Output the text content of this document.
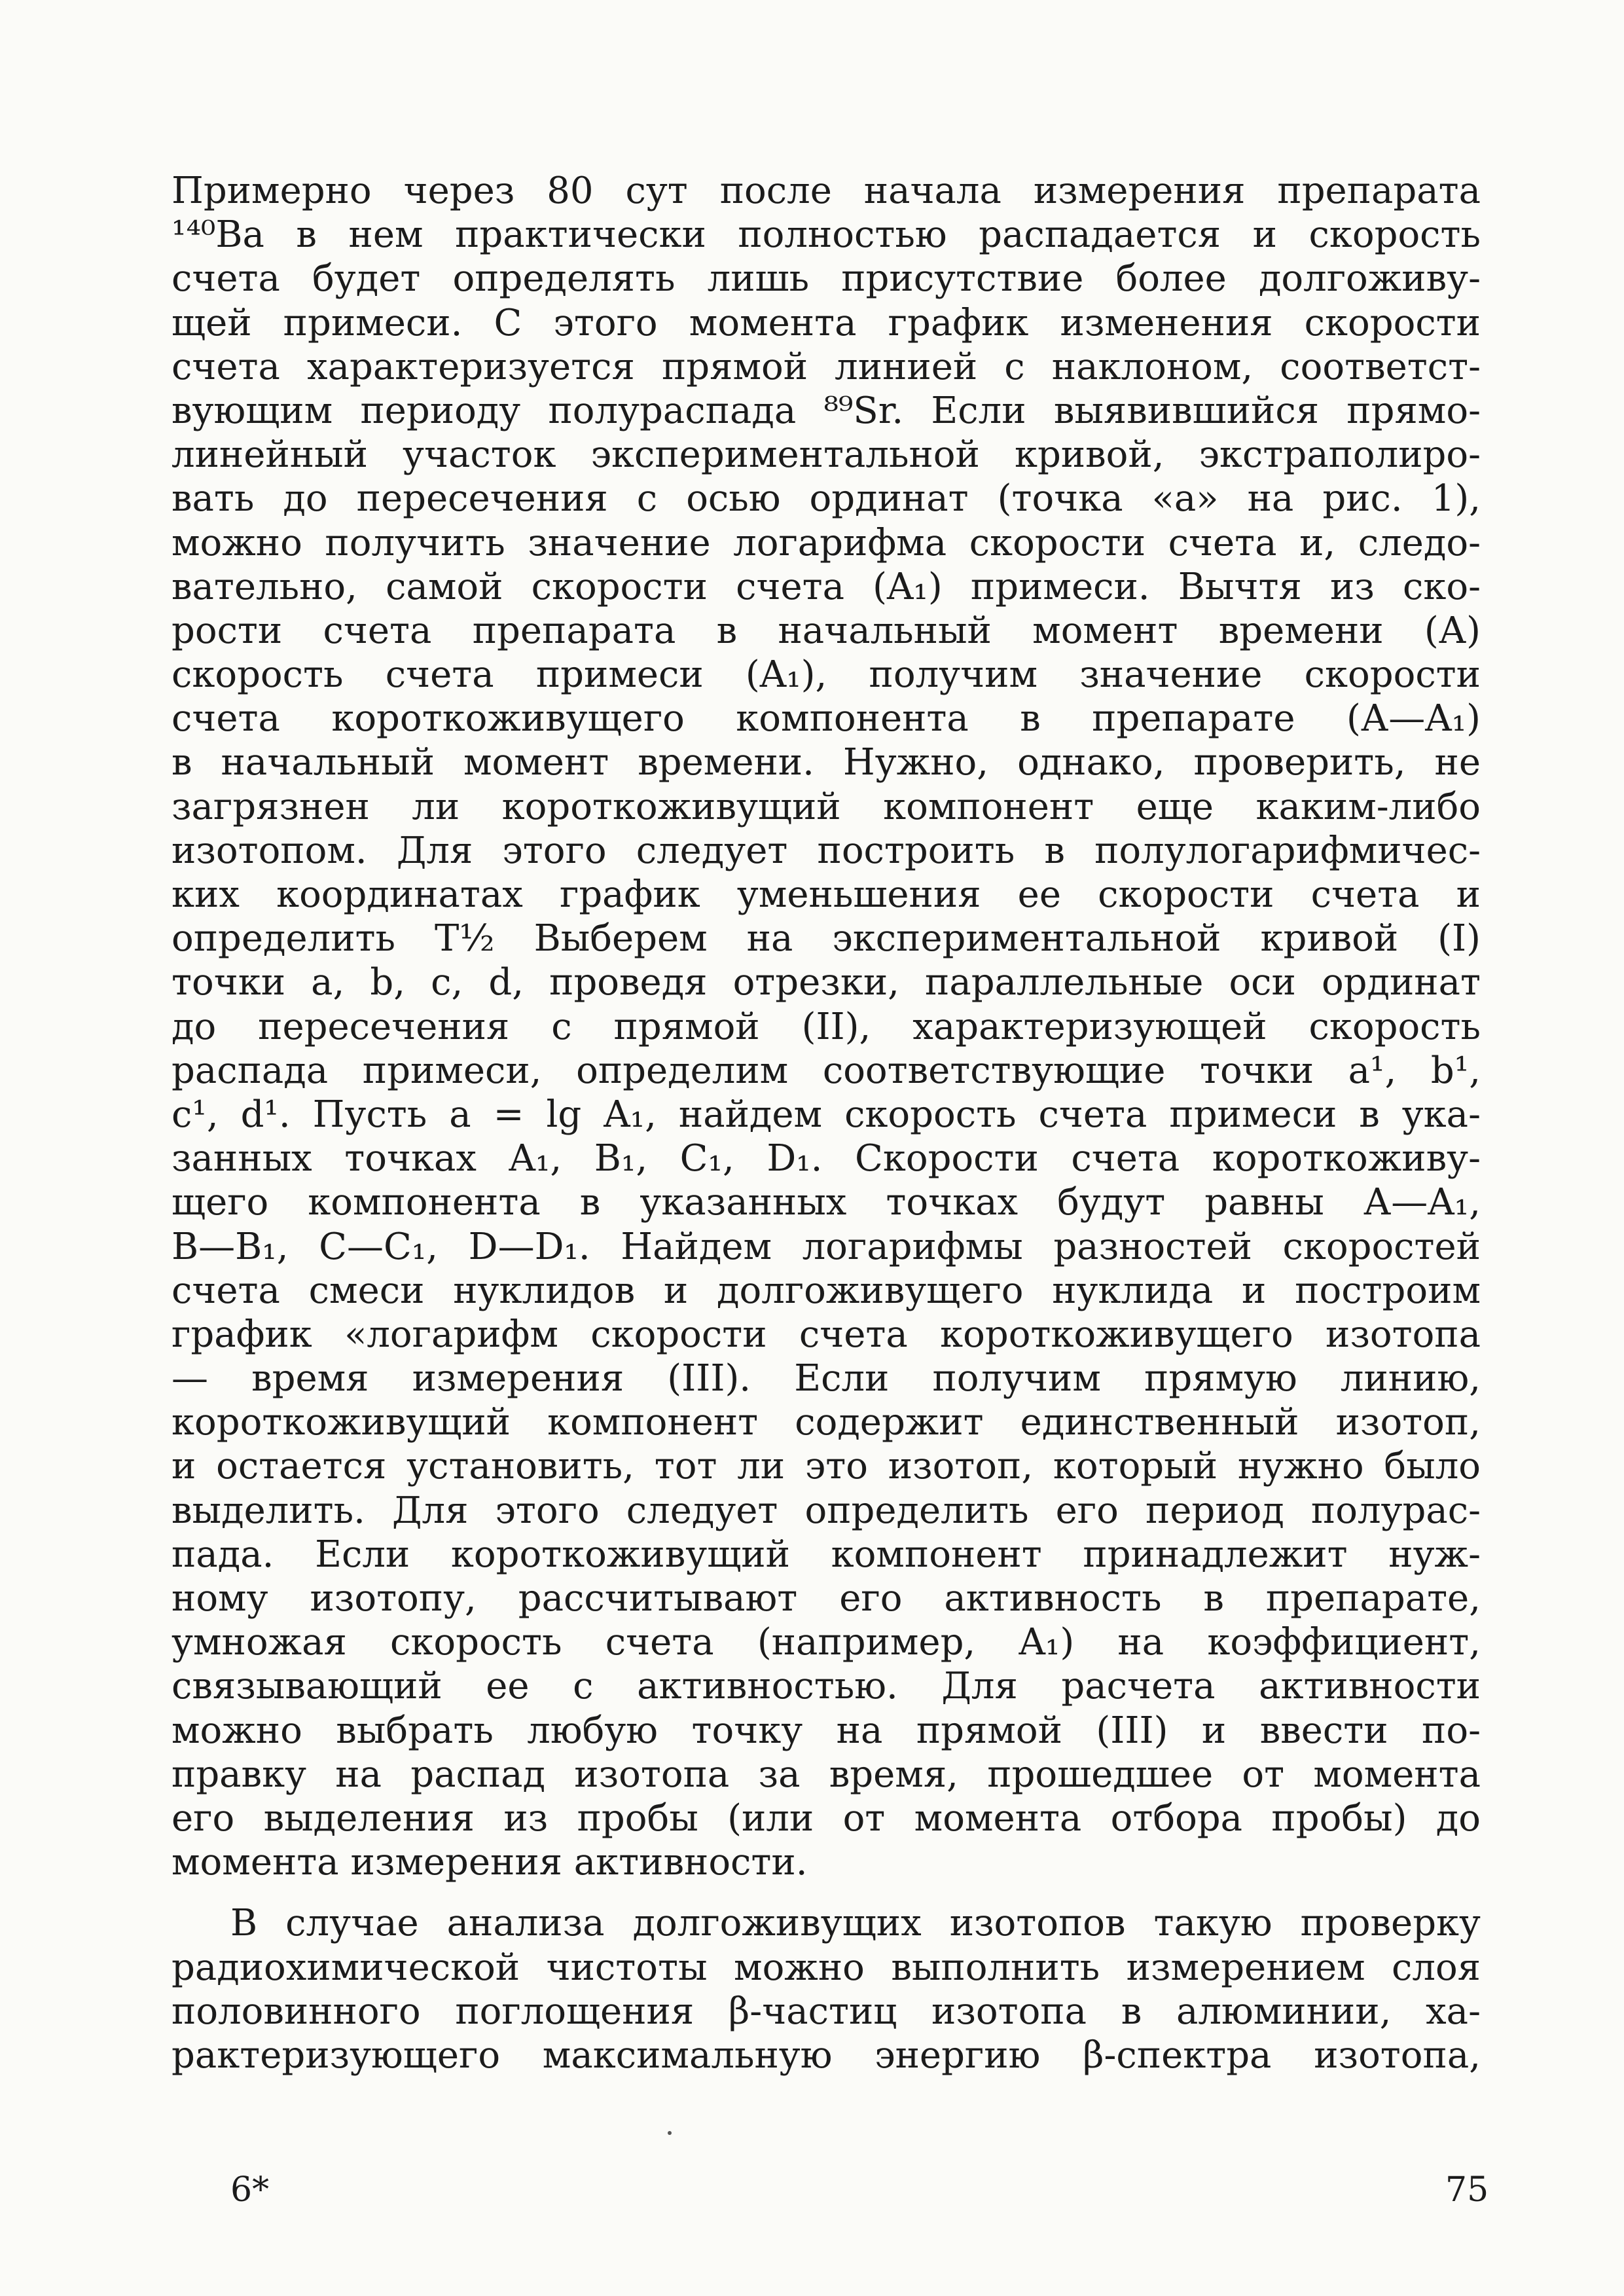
Примерно через 80 сут после начала измерения препарата
¹⁴⁰Ва в нем практически полностью распадается и скорость
счета будет определять лишь присутствие более долгоживу-
щей примеси. С этого момента график изменения скорости
счета характеризуется прямой линией с наклоном, соответст-
вующим периоду полураспада ⁸⁹Sr. Если выявившийся прямо-
линейный участок экспериментальной кривой, экстраполиро-
вать до пересечения с осью ординат (точка «а» на рис. 1),
можно получить значение логарифма скорости счета и, следо-
вательно, самой скорости счета (A₁) примеси. Вычтя из ско-
рости счета препарата в начальный момент времени (А)
скорость счета примеси (A₁), получим значение скорости
счета короткоживущего компонента в препарате (А—A₁)
в начальный момент времени. Нужно, однако, проверить, не
загрязнен ли короткоживущий компонент еще каким-либо
изотопом. Для этого следует построить в полулогарифмичес-
ких координатах график уменьшения ее скорости счета и
определить T½ Выберем на экспериментальной кривой (I)
точки a, b, c, d, проведя отрезки, параллельные оси ординат
до пересечения с прямой (II), характеризующей скорость
распада примеси, определим соответствующие точки a¹, b¹,
c¹, d¹. Пусть a = lg A₁, найдем скорость счета примеси в ука-
занных точках A₁, B₁, C₁, D₁. Скорости счета короткоживу-
щего компонента в указанных точках будут равны А—A₁,
B—B₁, C—C₁, D—D₁. Найдем логарифмы разностей скоростей
счета смеси нуклидов и долгоживущего нуклида и построим
график «логарифм скорости счета короткоживущего изотопа
— время измерения (III). Если получим прямую линию,
короткоживущий компонент содержит единственный изотоп,
и остается установить, тот ли это изотоп, который нужно было
выделить. Для этого следует определить его период полурас-
пада. Если короткоживущий компонент принадлежит нуж-
ному изотопу, рассчитывают его активность в препарате,
умножая скорость счета (например, A₁) на коэффициент,
связывающий ее с активностью. Для расчета активности
можно выбрать любую точку на прямой (III) и ввести по-
правку на распад изотопа за время, прошедшее от момента
его выделения из пробы (или от момента отбора пробы) до
момента измерения активности.
В случае анализа долгоживущих изотопов такую проверку
радиохимической чистоты можно выполнить измерением слоя
половинного поглощения β-частиц изотопа в алюминии, ха-
рактеризующего максимальную энергию β-спектра изотопа,
6*	75
